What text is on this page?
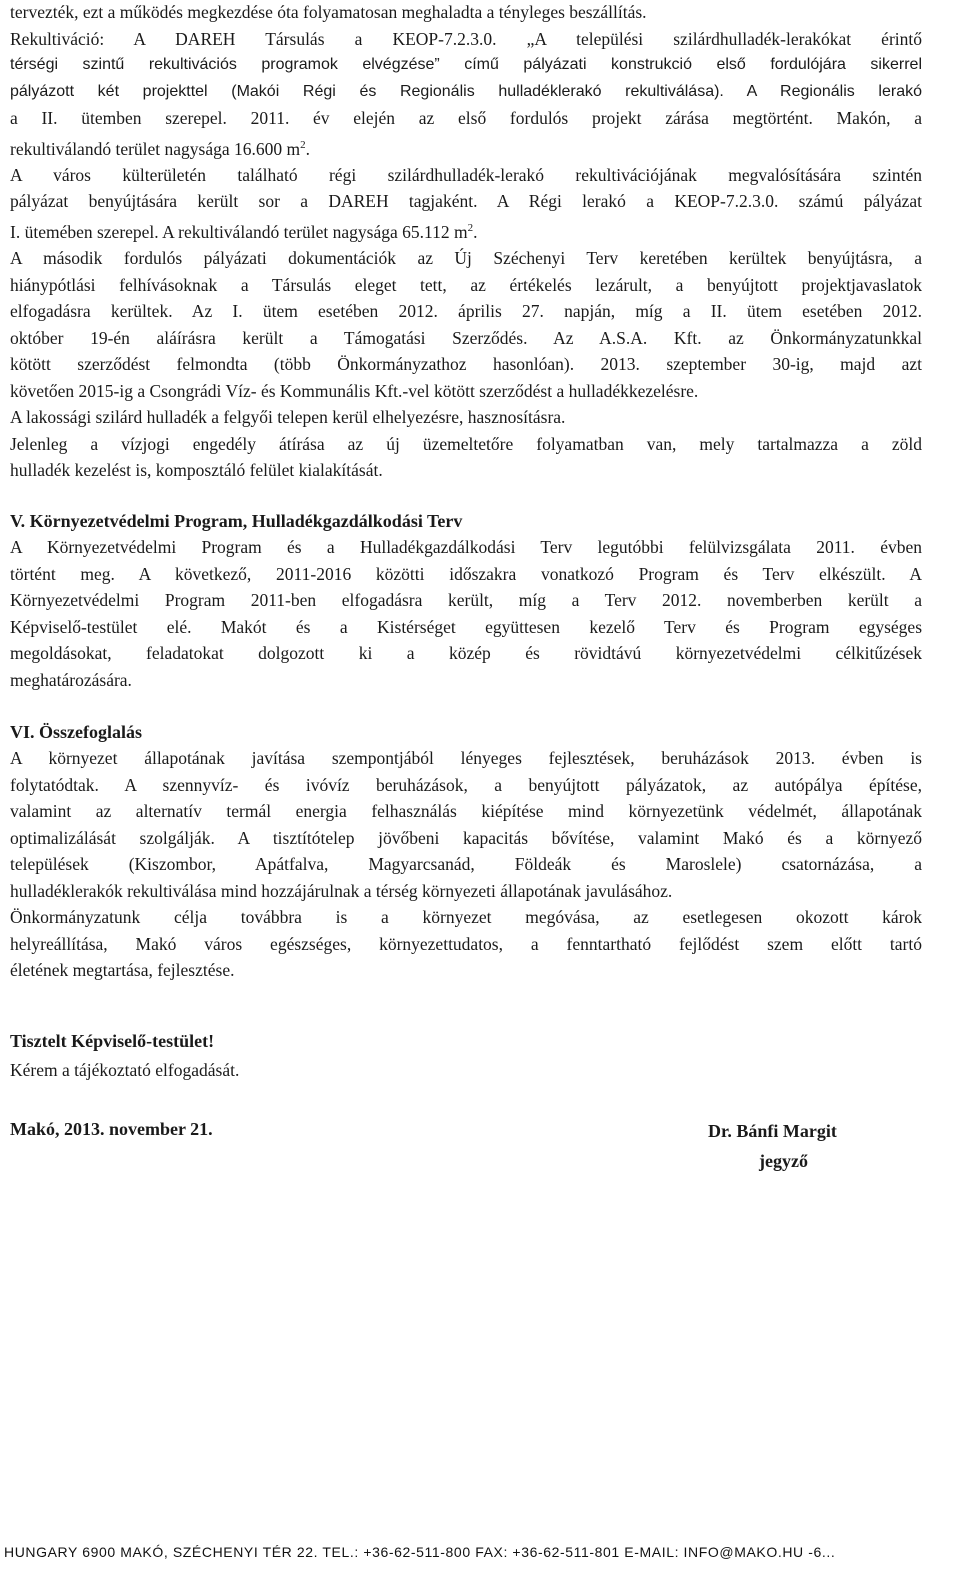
tervezték, ezt a működés megkezdése óta folyamatosan meghaladta a tényleges beszállítás.
Rekultiváció: A DAREH Társulás a KEOP-7.2.3.0. „A települési szilárdhulladék-lerakókat érintő
térségi szintű rekultivációs programok elvégzése” című pályázati konstrukció első fordulójára sikerrel
pályázott két projekttel (Makói Régi és Regionális hulladéklerakó rekultiválása). A Regionális lerakó
a II. ütemben szerepel. 2011. év elején az első fordulós projekt zárása megtörtént. Makón, a
rekultiválandó terület nagysága 16.600 $m^2$.
A város külterületén található régi szilárdhulladék-lerakó rekultivációjának megvalósítására szintén
pályázat benyújtására került sor a DAREH tagjaként. A Régi lerakó a KEOP-7.2.3.0. számú pályázat
I. ütemében szerepel. A rekultiválandó terület nagysága 65.112 $m^2$.
A második fordulós pályázati dokumentációk az Új Széchenyi Terv keretében kerültek benyújtásra, a
hiánypótlási felhívásoknak a Társulás eleget tett, az értékelés lezárult, a benyújtott projektjavaslatok
elfogadásra kerültek. Az I. ütem esetében 2012. április 27. napján, míg a II. ütem esetében 2012.
október 19-én aláírásra került a Támogatási Szerződés. Az A.S.A. Kft. az Önkormányzatunkkal
kötött szerződést felmondta (több Önkormányzathoz hasonlóan). 2013. szeptember 30-ig, majd azt
követően 2015-ig a Csongrádi Víz- és Kommunális Kft.-vel kötött szerződést a hulladékkezelésre.
A lakossági szilárd hulladék a felgyői telepen kerül elhelyezésre, hasznosításra.
Jelenleg a vízjogi engedély átírása az új üzemeltetőre folyamatban van, mely tartalmazza a zöld
hulladék kezelést is, komposztáló felület kialakítását.
V. Környezetvédelmi Program, Hulladékgazdálkodási Terv
A Környezetvédelmi Program és a Hulladékgazdálkodási Terv legutóbbi felülvizsgálata 2011. évben
történt meg. A következő, 2011-2016 közötti időszakra vonatkozó Program és Terv elkészült. A
Környezetvédelmi Program 2011-ben elfogadásra került, míg a Terv 2012. novemberben került a
Képviselő-testület elé. Makót és a Kistérséget együttesen kezelő Terv és Program egységes
megoldásokat, feladatokat dolgozott ki a közép és rövidtávú környezetvédelmi célkitűzések
meghatározására.
VI. Összefoglalás
A környezet állapotának javítása szempontjából lényeges fejlesztések, beruházások 2013. évben is
folytatódtak. A szennyvíz- és ivóvíz beruházások, a benyújtott pályázatok, az autópálya építése,
valamint az alternatív termál energia felhasználás kiépítése mind környezetünk védelmét, állapotának
optimalizálását szolgálják. A tisztítótelep jövőbeni kapacitás bővítése, valamint Makó és a környező
települések (Kiszombor, Apátfalva, Magyarcsanád, Földeák és Maroslele) csatornázása, a
hulladéklerakók rekultiválása mind hozzájárulnak a térség környezeti állapotának javulásához.
Önkormányzatunk célja továbbra is a környezet megóvása, az esetlegesen okozott károk
helyreállítása, Makó város egészséges, környezettudatos, a fenntartható fejlődést szem előtt tartó
életének megtartása, fejlesztése.
Tisztelt Képviselő-testület!
Kérem a tájékoztató elfogadását.
Makó, 2013. november 21.	Dr. Bánfi Margit
jegyző
HUNGARY 6900 MAKÓ, SZÉCHENYI TÉR 22. TEL.: +36-62-511-800 FAX: +36-62-511-801 E-MAIL: INFO@MAKO.HU -6...
